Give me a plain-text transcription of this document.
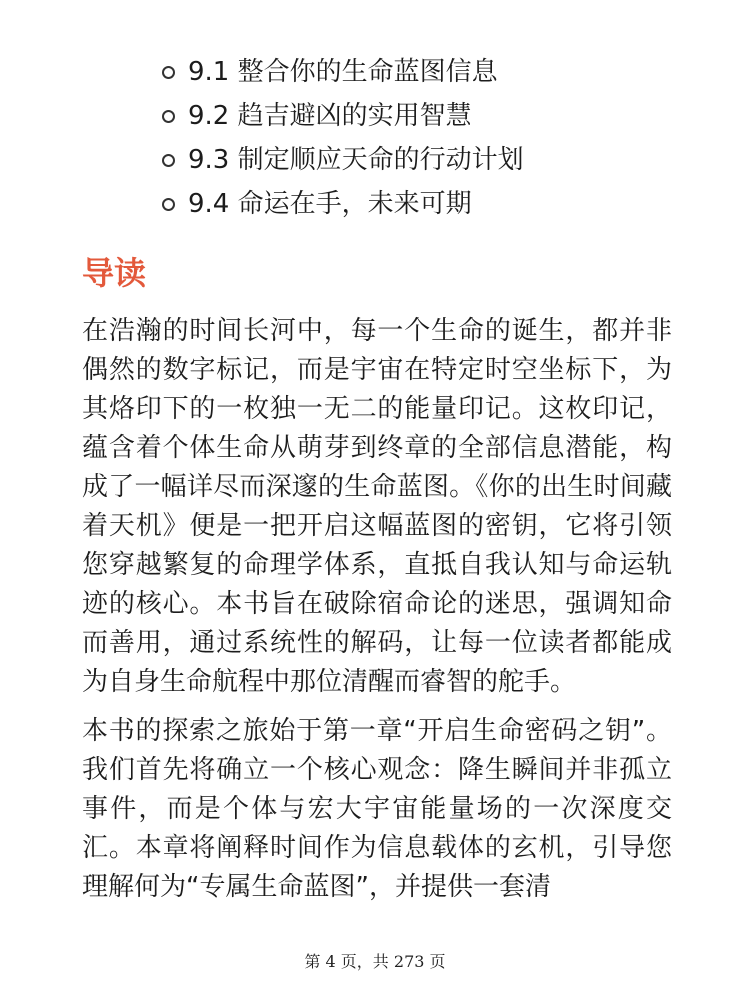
9.1 整合你的生命蓝图信息
9.2 趋吉避凶的实用智慧
9.3 制定顺应天命的行动计划
9.4 命运在手，未来可期
导读

在浩瀚的时间长河中，每一个生命的诞生，都并非偶然的数字标记，而是宇宙在特定时空坐标下，为其烙印下的一枚独一无二的能量印记。这枚印记，蕴含着个体生命从萌芽到终章的全部信息潜能，构成了一幅详尽而深邃的生命蓝图。《你的出生时间藏着天机》便是一把开启这幅蓝图的密钥，它将引领您穿越繁复的命理学体系，直抵自我认知与命运轨迹的核心。本书旨在破除宿命论的迷思，强调知命而善用，通过系统性的解码，让每一位读者都能成为自身生命航程中那位清醒而睿智的舵手。

本书的探索之旅始于第一章“开启生命密码之钥”。我们首先将确立一个核心观念：降生瞬间并非孤立事件，而是个体与宏大宇宙能量场的一次深度交汇。本章将阐释时间作为信息载体的玄机，引导您理解何为“专属生命蓝图”，并提供一套清

第 4 页，共 273 页
